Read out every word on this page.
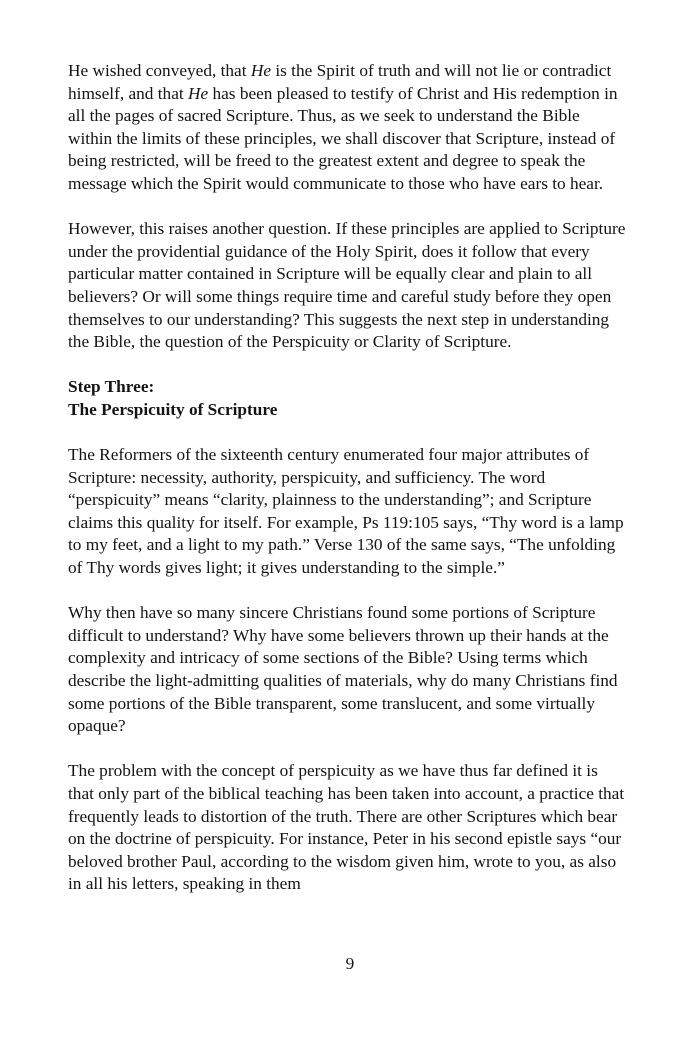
He wished conveyed, that He is the Spirit of truth and will not lie or contradict himself, and that He has been pleased to testify of Christ and His redemption in all the pages of sacred Scripture. Thus, as we seek to understand the Bible within the limits of these principles, we shall discover that Scripture, instead of being restricted, will be freed to the greatest extent and degree to speak the message which the Spirit would communicate to those who have ears to hear.

However, this raises another question. If these principles are applied to Scripture under the providential guidance of the Holy Spirit, does it follow that every particular matter contained in Scripture will be equally clear and plain to all believers? Or will some things require time and careful study before they open themselves to our understanding? This suggests the next step in understanding the Bible, the question of the Perspicuity or Clarity of Scripture.

Step Three:
The Perspicuity of Scripture

The Reformers of the sixteenth century enumerated four major attributes of Scripture: necessity, authority, perspicuity, and sufficiency. The word “perspicuity” means “clarity, plainness to the understanding”; and Scripture claims this quality for itself. For example, Ps 119:105 says, “Thy word is a lamp to my feet, and a light to my path.” Verse 130 of the same says, “The unfolding of Thy words gives light; it gives understanding to the simple.”

Why then have so many sincere Christians found some portions of Scripture difficult to understand? Why have some believers thrown up their hands at the complexity and intricacy of some sections of the Bible? Using terms which describe the light-admitting qualities of materials, why do many Christians find some portions of the Bible transparent, some translucent, and some virtually opaque?

The problem with the concept of perspicuity as we have thus far defined it is that only part of the biblical teaching has been taken into account, a practice that frequently leads to distortion of the truth. There are other Scriptures which bear on the doctrine of perspicuity. For instance, Peter in his second epistle says “our beloved brother Paul, according to the wisdom given him, wrote to you, as also in all his letters, speaking in them

9
